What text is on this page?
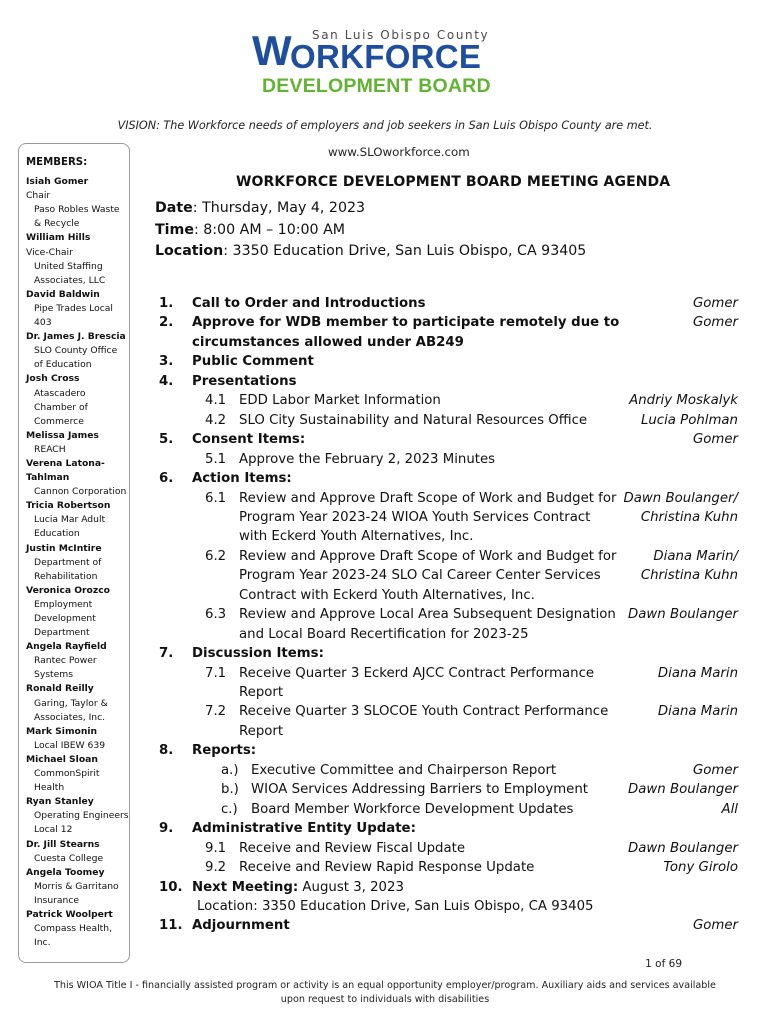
San Luis Obispo County
W ORKFORCE
DEVELOPMENT BOARD
VISION: The Workforce needs of employers and job seekers in San Luis Obispo County are met.
www.SLOworkforce.com
MEMBERS:
Isiah Gomer
Chair
Paso Robles Waste
& Recycle
William Hills
Vice-Chair
United Staffing
Associates, LLC
David Baldwin
Pipe Trades Local
403
Dr. James J. Brescia
SLO County Office
of Education
Josh Cross
Atascadero
Chamber of
Commerce
Melissa James
REACH
Verena Latona-
Tahlman
Cannon Corporation
Tricia Robertson
Lucia Mar Adult
Education
Justin McIntire
Department of
Rehabilitation
Veronica Orozco
Employment
Development
Department
Angela Rayfield
Rantec Power
Systems
Ronald Reilly
Garing, Taylor &
Associates, Inc.
Mark Simonin
Local IBEW 639
Michael Sloan
CommonSpirit
Health
Ryan Stanley
Operating Engineers
Local 12
Dr. Jill Stearns
Cuesta College
Angela Toomey
Morris & Garritano
Insurance
Patrick Woolpert
Compass Health,
Inc.
WORKFORCE DEVELOPMENT BOARD MEETING AGENDA
Date: Thursday, May 4, 2023
Time: 8:00 AM – 10:00 AM
Location: 3350 Education Drive, San Luis Obispo, CA 93405
1. Call to Order and Introductions	Gomer
2. Approve for WDB member to participate remotely due to	Gomer
circumstances allowed under AB249
3. Public Comment
4. Presentations
4.1 EDD Labor Market Information	Andriy Moskalyk
4.2 SLO City Sustainability and Natural Resources Office	Lucia Pohlman
5. Consent Items:	Gomer
5.1 Approve the February 2, 2023 Minutes
6. Action Items:
6.1 Review and Approve Draft Scope of Work and Budget for Dawn Boulanger/
Program Year 2023-24 WIOA Youth Services Contract	Christina Kuhn
with Eckerd Youth Alternatives, Inc.
6.2 Review and Approve Draft Scope of Work and Budget for	Diana Marin/
Program Year 2023-24 SLO Cal Career Center Services	Christina Kuhn
Contract with Eckerd Youth Alternatives, Inc.
6.3 Review and Approve Local Area Subsequent Designation Dawn Boulanger
and Local Board Recertification for 2023-25
7. Discussion Items:
7.1 Receive Quarter 3 Eckerd AJCC Contract Performance	Diana Marin
Report
7.2 Receive Quarter 3 SLOCOE Youth Contract Performance	Diana Marin
Report
8. Reports:
a.) Executive Committee and Chairperson Report	Gomer
b.) WIOA Services Addressing Barriers to Employment	Dawn Boulanger
c.) Board Member Workforce Development Updates	All
9. Administrative Entity Update:
9.1 Receive and Review Fiscal Update	Dawn Boulanger
9.2 Receive and Review Rapid Response Update	Tony Girolo
10. Next Meeting: August 3, 2023
Location: 3350 Education Drive, San Luis Obispo, CA 93405
11. Adjournment	Gomer
1 of 69
This WIOA Title I - financially assisted program or activity is an equal opportunity employer/program. Auxiliary aids and services available
upon request to individuals with disabilities
